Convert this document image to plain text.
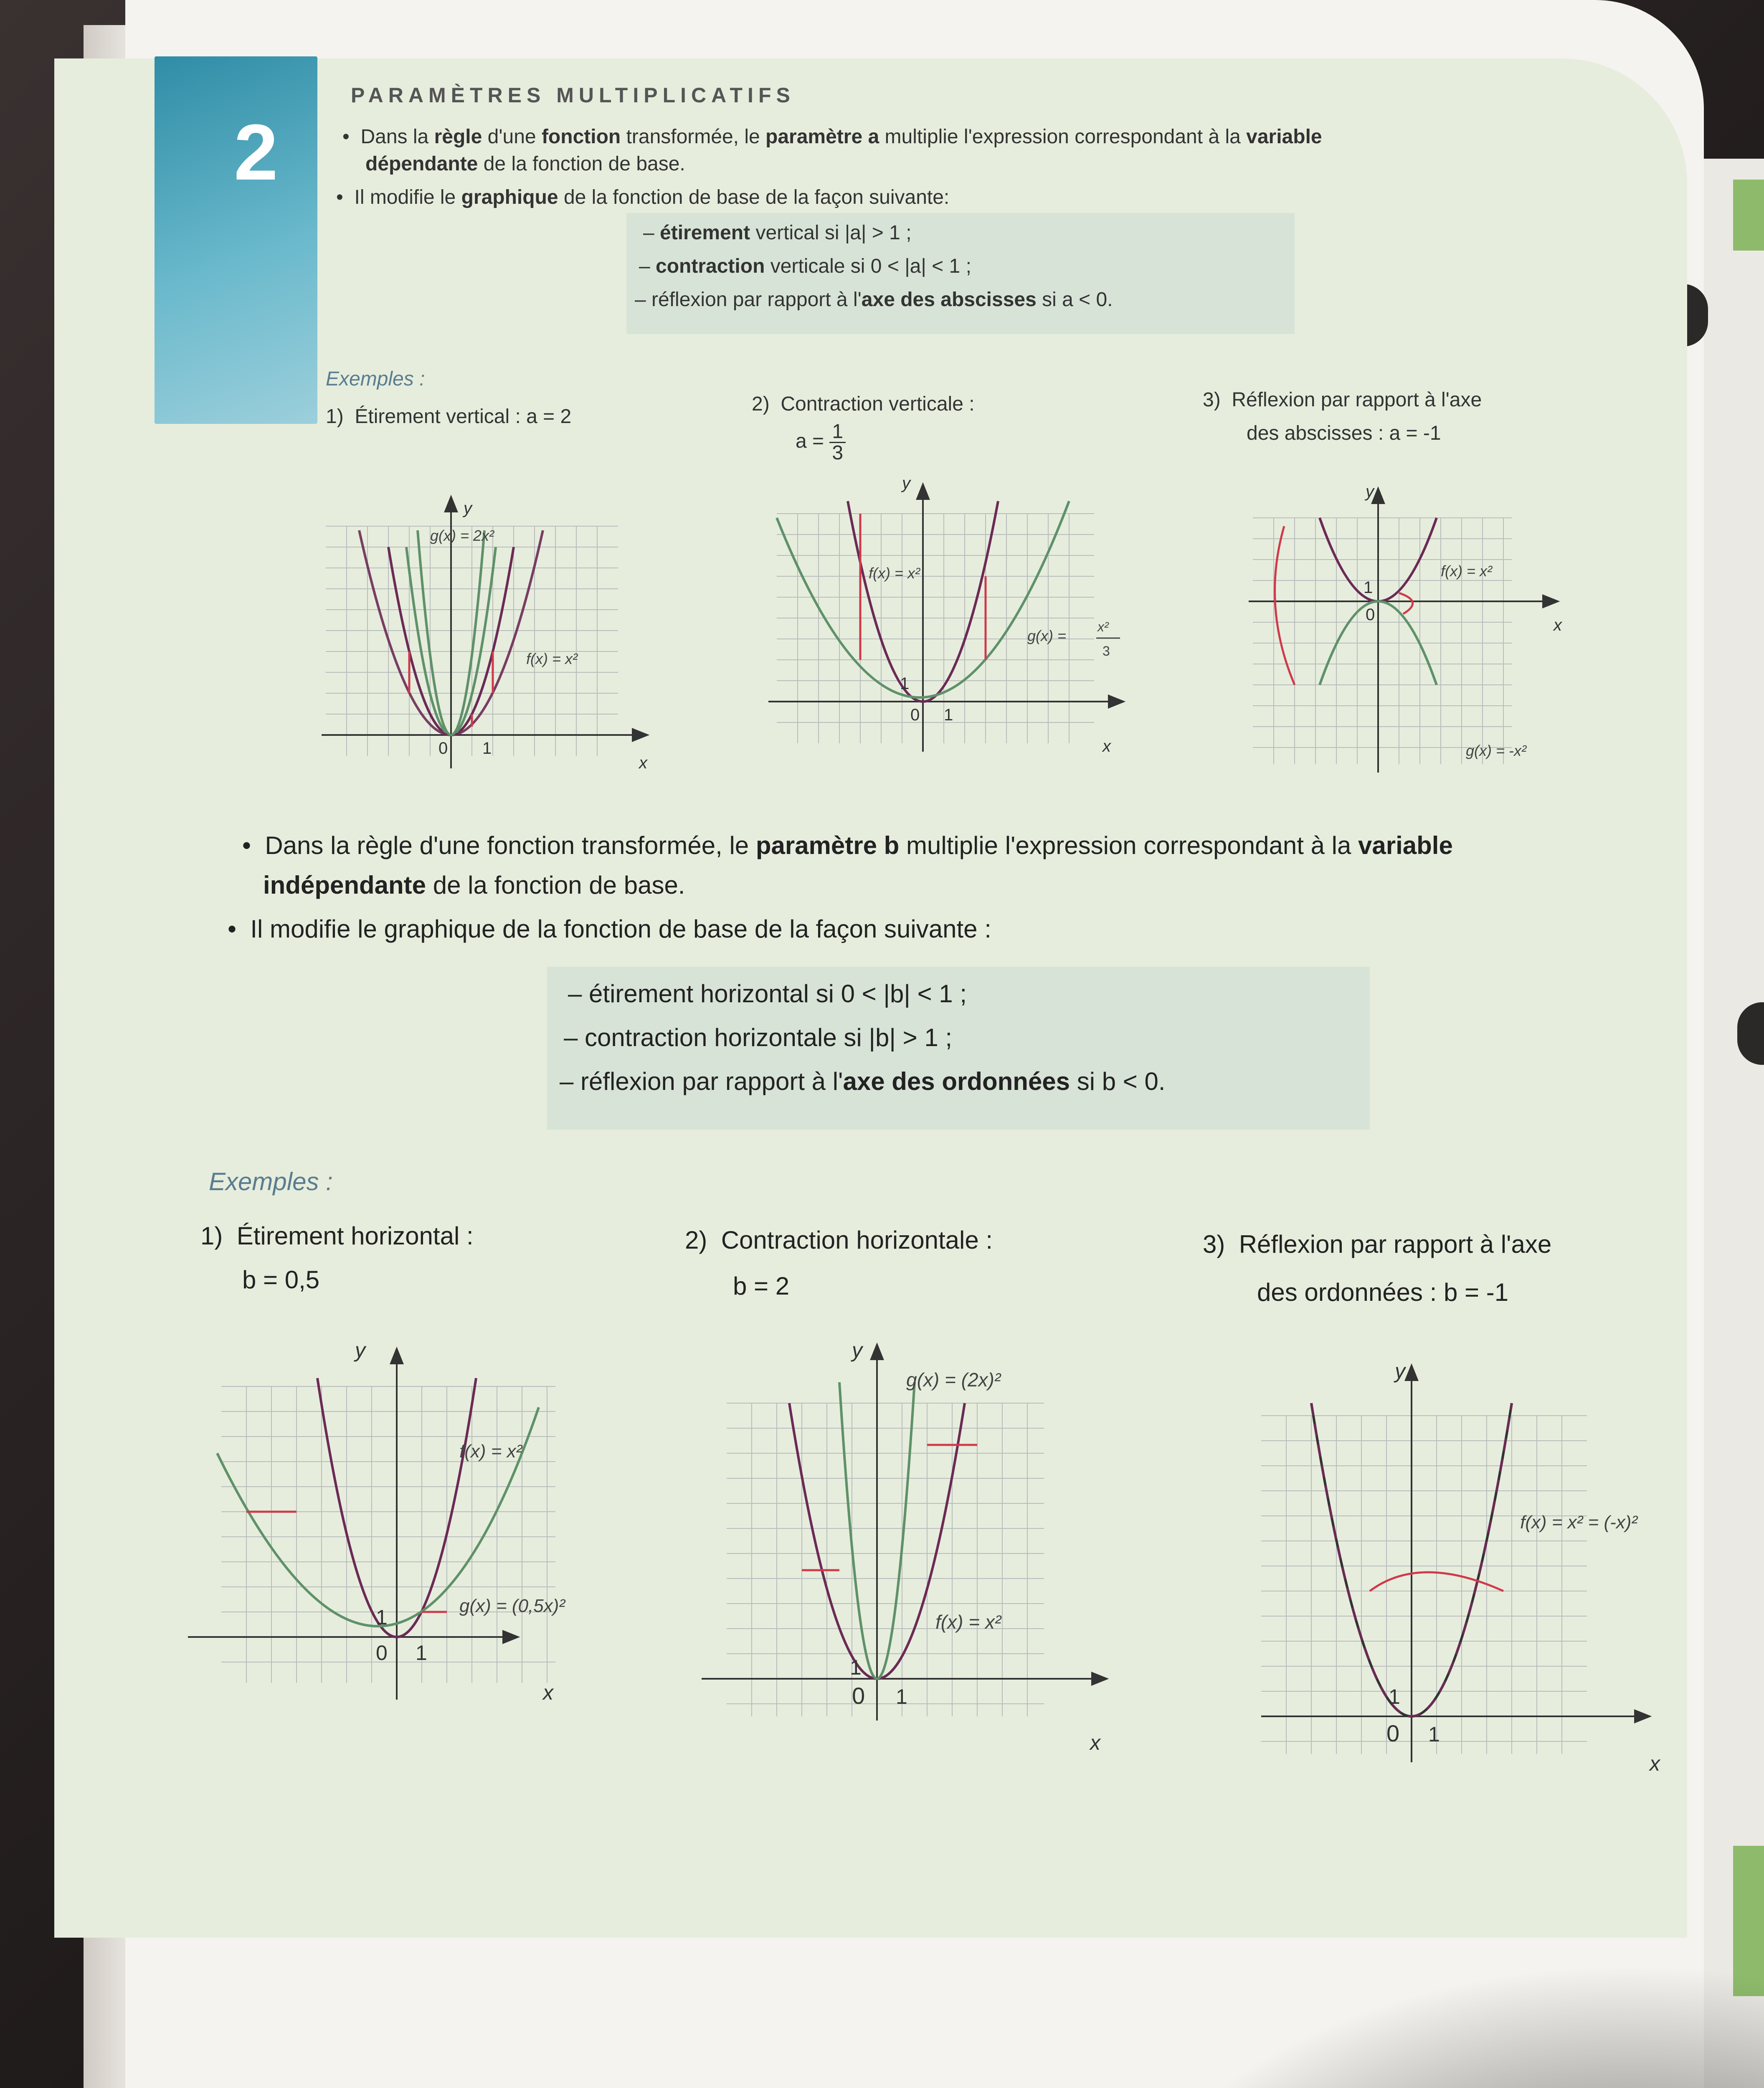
2
PARAMÈTRES MULTIPLICATIFS
•  Dans la règle d'une fonction transformée, le paramètre a multiplie l'expression correspondant à la variable
dépendante de la fonction de base.
•  Il modifie le graphique de la fonction de base de la façon suivante:
– étirement vertical si |a| > 1 ;
– contraction verticale si 0 < |a| < 1 ;
– réflexion par rapport à l'axe des abscisses si a < 0.
Exemples :
1) Étirement vertical : a = 2
2) Contraction verticale :
$a = \frac{1}{3}$
3) Réflexion par rapport à l'axe
des abscisses : a = -1
y
x
0 1
g(x) = 2x²
f(x) = x²
y
x
0 1
1
f(x) = x²
g(x) =
x²
3
y
x
0
1
f(x) = x²
g(x) = -x²
•  Dans la règle d'une fonction transformée, le paramètre b multiplie l'expression correspondant à la variable
indépendante de la fonction de base.
•  Il modifie le graphique de la fonction de base de la façon suivante :
– étirement horizontal si 0 < |b| < 1 ;
– contraction horizontale si |b| > 1 ;
– réflexion par rapport à l'axe des ordonnées si b < 0.
Exemples :
1) Étirement horizontal :
b = 0,5
2) Contraction horizontale :
b = 2
3) Réflexion par rapport à l'axe
des ordonnées : b = -1
y
x
0 1
1
f(x) = x²
g(x) = (0,5x)²
y
x
0 1
1
g(x) = (2x)²
f(x) = x²
y
x
0 1
1
f(x) = x² = (-x)²
